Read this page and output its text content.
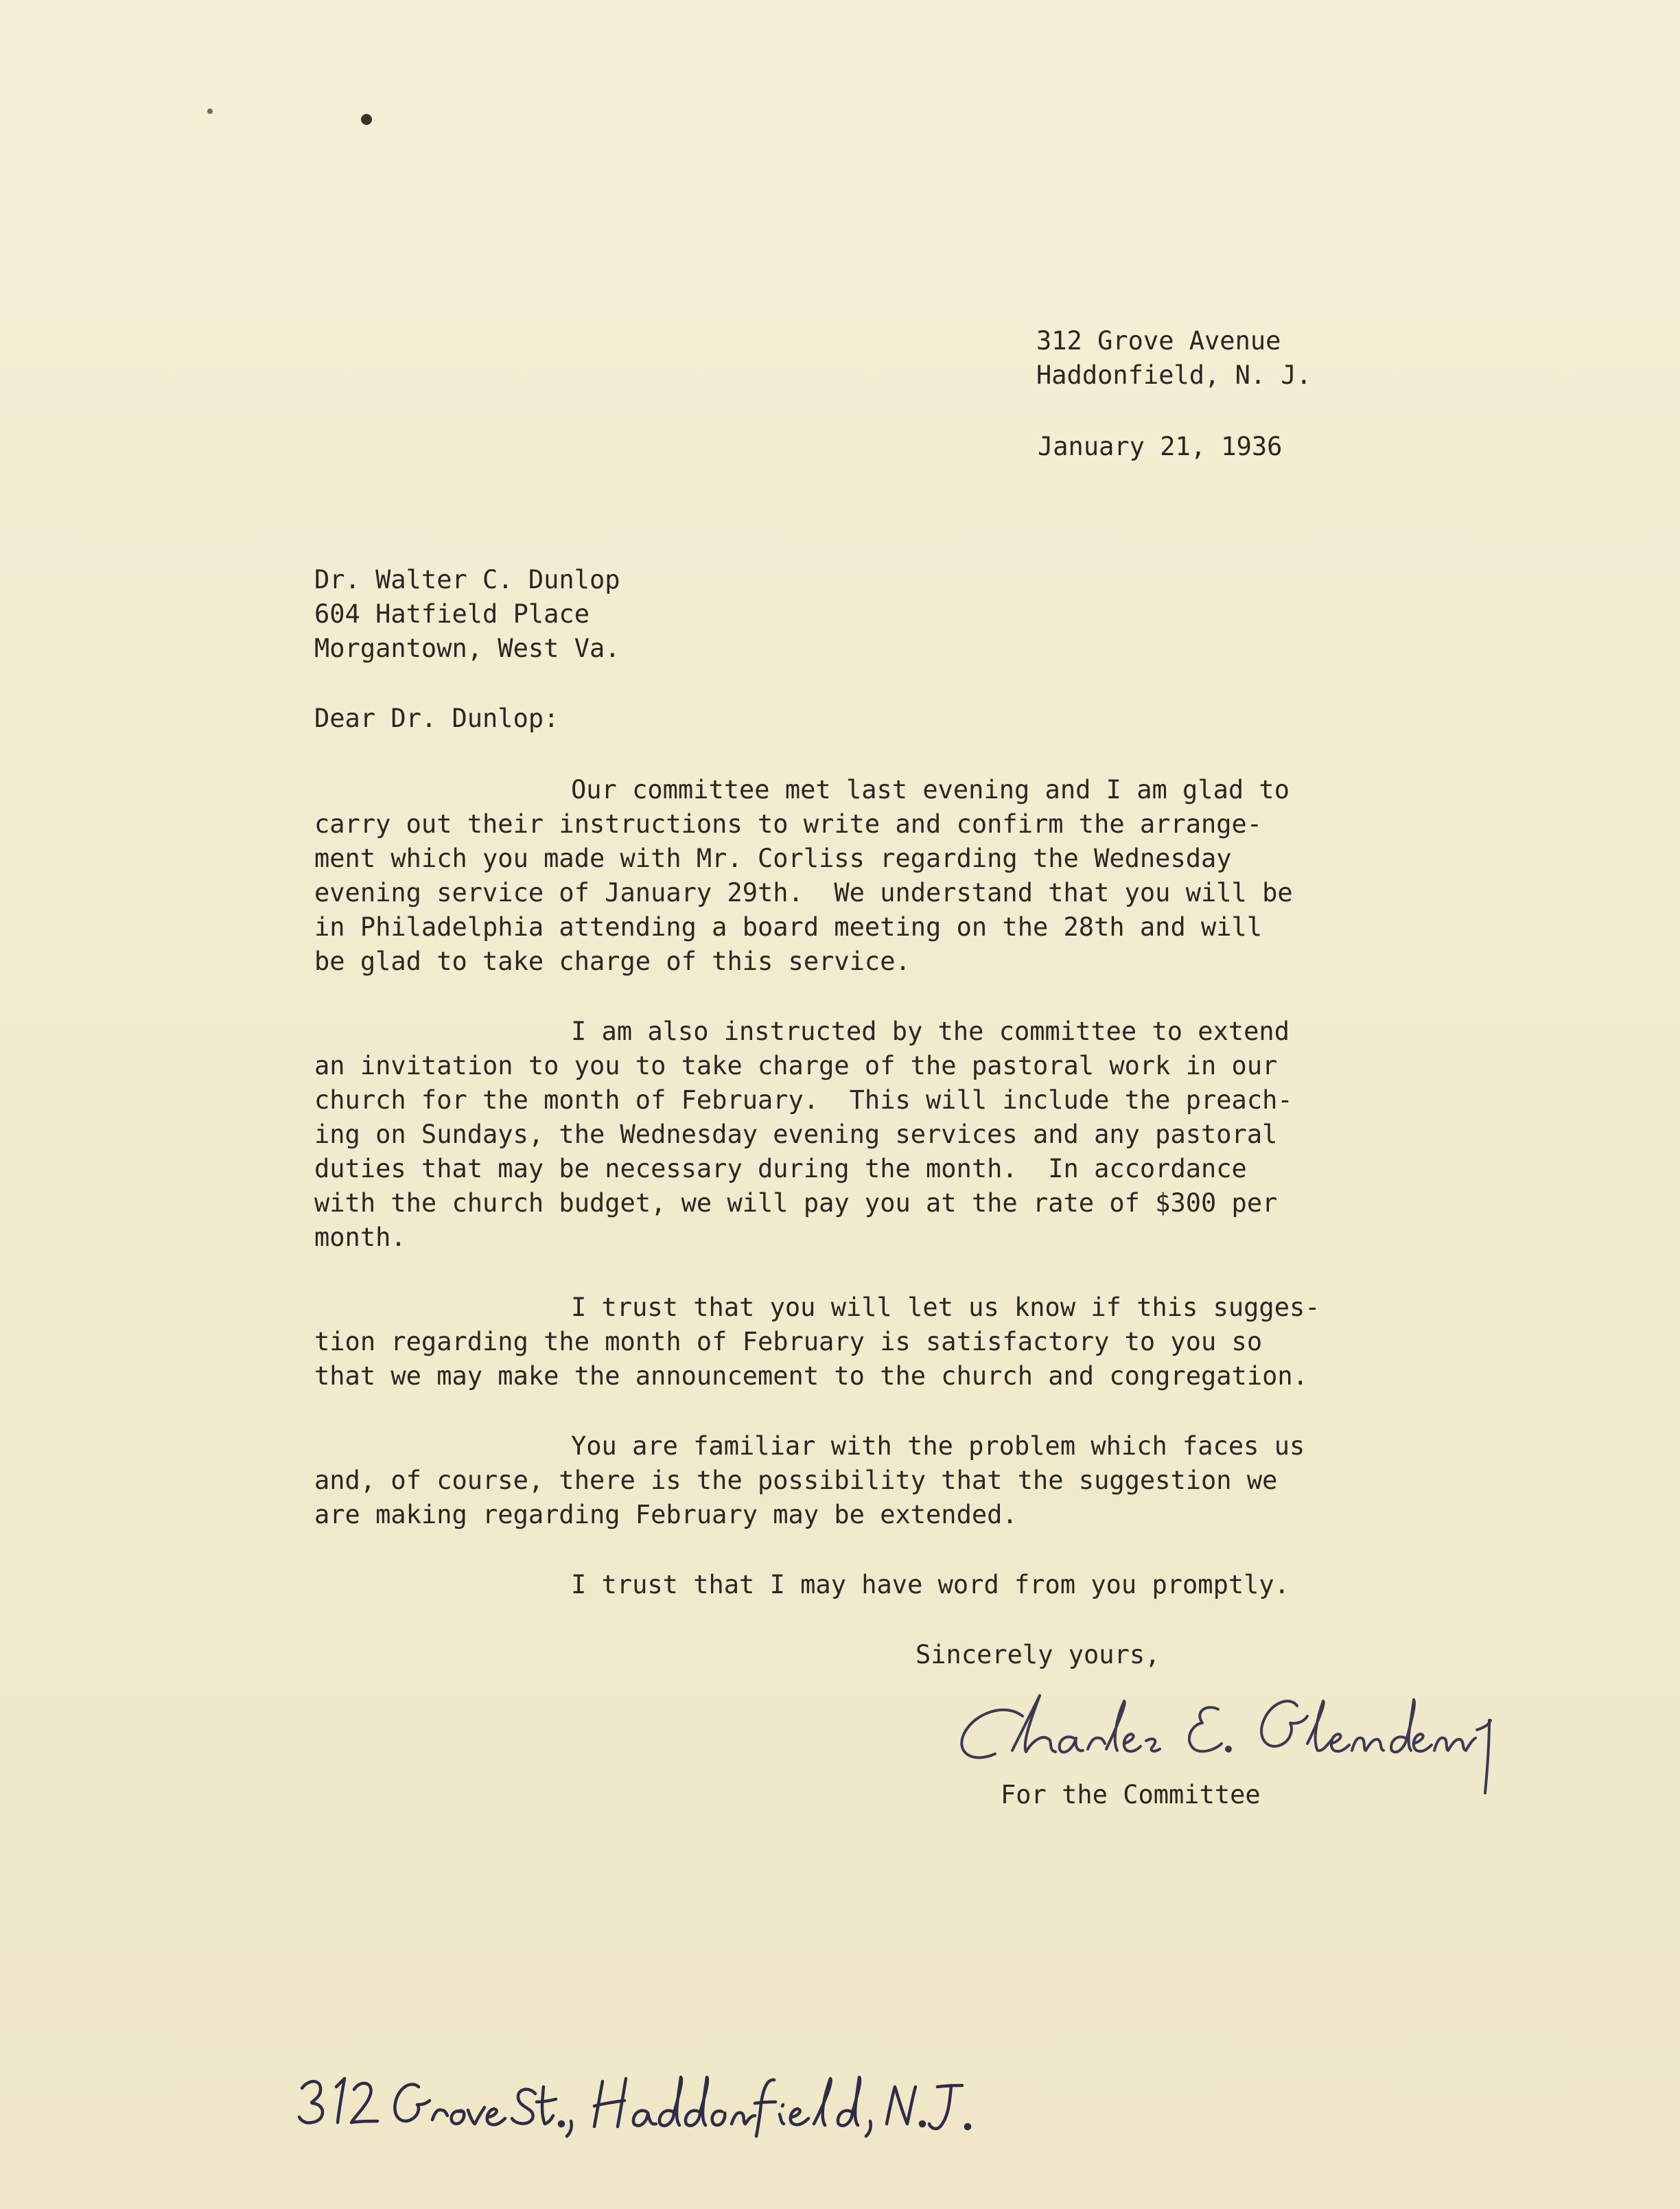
312 Grove Avenue
Haddonfield, N. J.
January 21, 1936
Dr. Walter C. Dunlop
604 Hatfield Place
Morgantown, West Va.
Dear Dr. Dunlop:
Our committee met last evening and I am glad to
carry out their instructions to write and confirm the arrange-
ment which you made with Mr. Corliss regarding the Wednesday
evening service of January 29th.  We understand that you will be
in Philadelphia attending a board meeting on the 28th and will
be glad to take charge of this service.
I am also instructed by the committee to extend
an invitation to you to take charge of the pastoral work in our
church for the month of February.  This will include the preach-
ing on Sundays, the Wednesday evening services and any pastoral
duties that may be necessary during the month.  In accordance
with the church budget, we will pay you at the rate of $300 per
month.
I trust that you will let us know if this sugges-
tion regarding the month of February is satisfactory to you so
that we may make the announcement to the church and congregation.
You are familiar with the problem which faces us
and, of course, there is the possibility that the suggestion we
are making regarding February may be extended.
I trust that I may have word from you promptly.
Sincerely yours,
For the Committee
